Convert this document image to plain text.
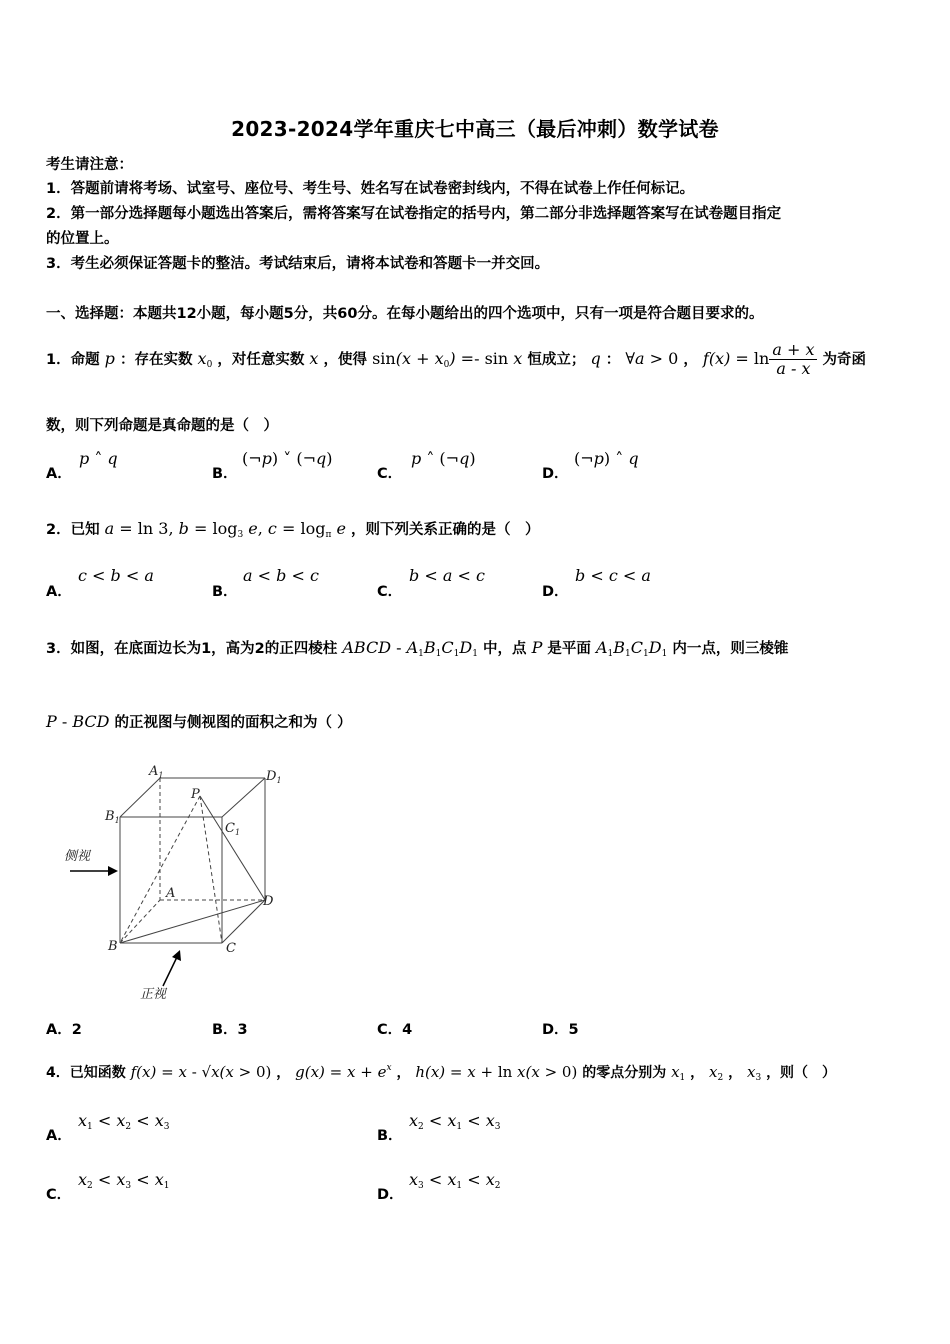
2023-2024学年重庆七中高三（最后冲刺）数学试卷
考生请注意：
1．答题前请将考场、试室号、座位号、考生号、姓名写在试卷密封线内，不得在试卷上作任何标记。
2．第一部分选择题每小题选出答案后，需将答案写在试卷指定的括号内，第二部分非选择题答案写在试卷题目指定
的位置上。
3．考生必须保证答题卡的整洁。考试结束后，请将本试卷和答题卡一并交回。
一、选择题：本题共12小题，每小题5分，共60分。在每小题给出的四个选项中，只有一项是符合题目要求的。
1．命题 p ：存在实数 $x_0$ ，对任意实数 x ，使得 $\sin(x + x_0) =- \sin x$ 恒成立； q ： ∀a > 0 ， $f(x) = \ln \frac{a + x}{a - x}$ 为奇函
数，则下列命题是真命题的是（　）
A．
p ˄ q
B．
(¬p) ˅ (¬q)
C．
p ˄ (¬q)
D．
(¬p) ˄ q
2．已知 a = ln 3, $b = \log_3 e$, $c = \log_\pi e$ ，则下列关系正确的是（　）
A．
c < b < a
B．
a < b < c
C．
b < a < c
D．
b < c < a
3．如图，在底面边长为1，高为2的正四棱柱 ABCD - $A_1B_1C_1D_1$ 中，点 P 是平面 $A_1B_1C_1D_1$ 内一点，则三棱锥
P - BCD 的正视图与侧视图的面积之和为（ ）
$A_1$	$D_1$
$B_1$
$C_1$
P
A
D
B	C
侧视
正视
A．2	B．3	C．4	D．5
4．已知函数 f(x) = x - √x(x > 0) ， $g(x) = x + e^x$ ， h(x) = x + ln x(x > 0) 的零点分别为 $x_1$ ， $x_2$ ， $x_3$ ，则（　）
A．
$x_1 < x_2 < x_3$
B．
$x_2 < x_1 < x_3$
C．
$x_2 < x_3 < x_1$
D．
$x_3 < x_1 < x_2$
